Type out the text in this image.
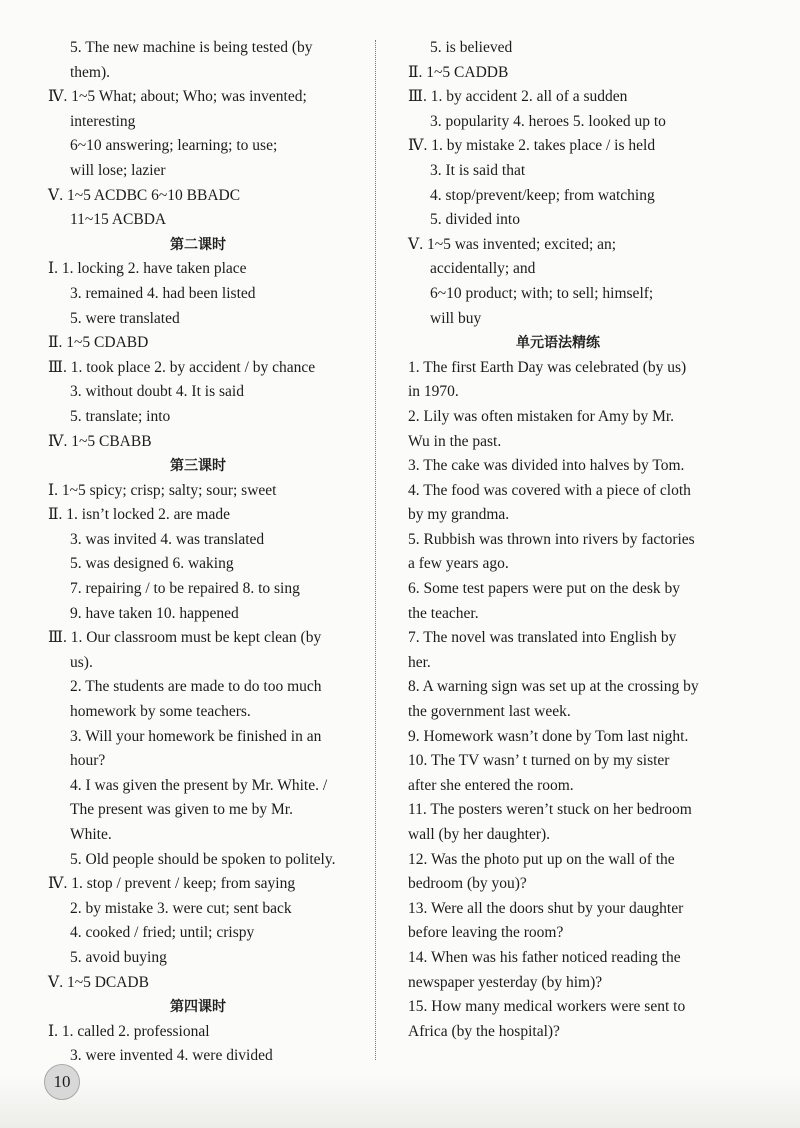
5. The new machine is being tested (by
them).
Ⅳ. 1~5 What; about; Who; was invented;
interesting
6~10 answering; learning; to use;
will lose; lazier
Ⅴ. 1~5 ACDBC 6~10 BBADC
11~15 ACBDA
第二课时
Ⅰ. 1. locking 2. have taken place
3. remained 4. had been listed
5. were translated
Ⅱ. 1~5 CDABD
Ⅲ. 1. took place 2. by accident / by chance
3. without doubt 4. It is said
5. translate; into
Ⅳ. 1~5 CBABB
第三课时
Ⅰ. 1~5 spicy; crisp; salty; sour; sweet
Ⅱ. 1. isn’t locked 2. are made
3. was invited 4. was translated
5. was designed 6. waking
7. repairing / to be repaired 8. to sing
9. have taken 10. happened
Ⅲ. 1. Our classroom must be kept clean (by
us).
2. The students are made to do too much
homework by some teachers.
3. Will your homework be finished in an
hour?
4. I was given the present by Mr. White. /
The present was given to me by Mr.
White.
5. Old people should be spoken to politely.
Ⅳ. 1. stop / prevent / keep; from saying
2. by mistake 3. were cut; sent back
4. cooked / fried; until; crispy
5. avoid buying
Ⅴ. 1~5 DCADB
第四课时
Ⅰ. 1. called 2. professional
3. were invented 4. were divided
5. is believed
Ⅱ. 1~5 CADDB
Ⅲ. 1. by accident 2. all of a sudden
3. popularity 4. heroes 5. looked up to
Ⅳ. 1. by mistake 2. takes place / is held
3. It is said that
4. stop/prevent/keep; from watching
5. divided into
Ⅴ. 1~5 was invented; excited; an;
accidentally; and
6~10 product; with; to sell; himself;
will buy
单元语法精练
1. The first Earth Day was celebrated (by us)
in 1970.
2. Lily was often mistaken for Amy by Mr.
Wu in the past.
3. The cake was divided into halves by Tom.
4. The food was covered with a piece of cloth
by my grandma.
5. Rubbish was thrown into rivers by factories
a few years ago.
6. Some test papers were put on the desk by
the teacher.
7. The novel was translated into English by
her.
8. A warning sign was set up at the crossing by
the government last week.
9. Homework wasn’t done by Tom last night.
10. The TV wasn’ t turned on by my sister
after she entered the room.
11. The posters weren’t stuck on her bedroom
wall (by her daughter).
12. Was the photo put up on the wall of the
bedroom (by you)?
13. Were all the doors shut by your daughter
before leaving the room?
14. When was his father noticed reading the
newspaper yesterday (by him)?
15. How many medical workers were sent to
Africa (by the hospital)?
10
